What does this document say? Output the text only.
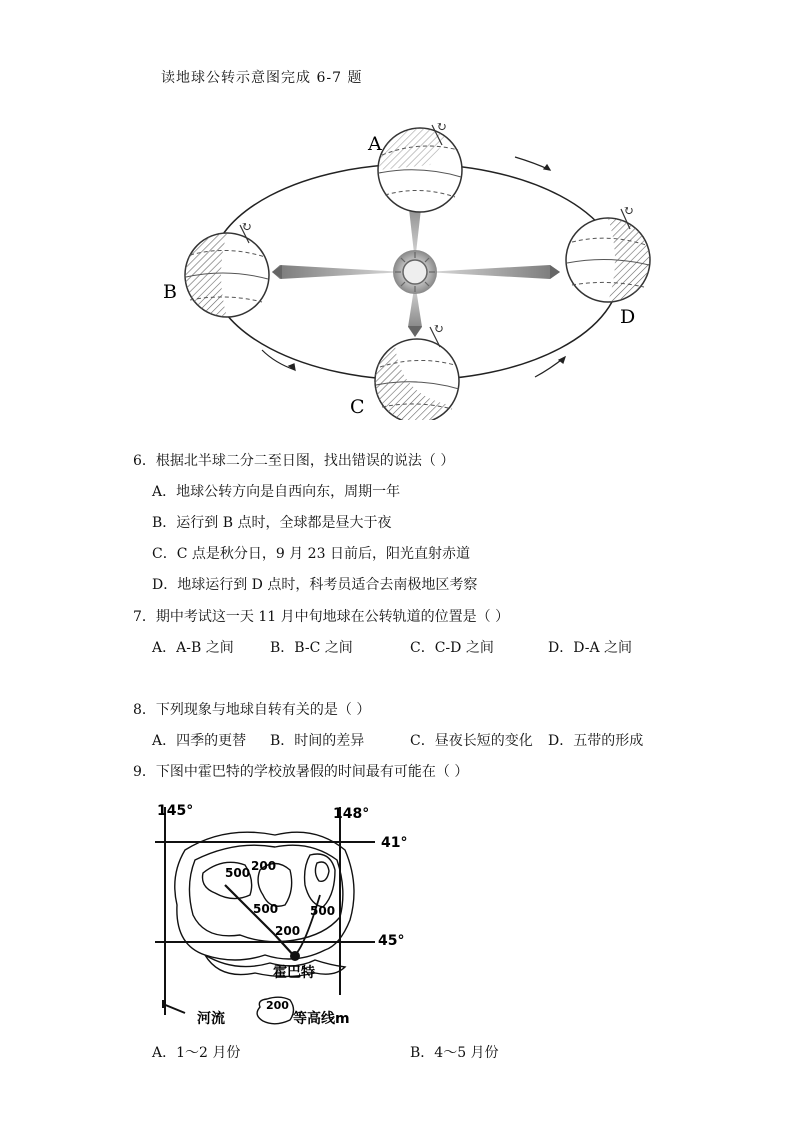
读地球公转示意图完成 6-7 题
↻
↻
↻
↻
A
B
C
D
6．根据北半球二分二至日图，找出错误的说法（ ）
A．地球公转方向是自西向东，周期一年
B．运行到 B 点时，全球都是昼大于夜
C．C 点是秋分日，9 月 23 日前后，阳光直射赤道
D．地球运行到 D 点时，科考员适合去南极地区考察
7．期中考试这一天 11 月中旬地球在公转轨道的位置是（ ）
A．A-B 之间	B．B-C 之间	C．C-D 之间	D．D-A 之间
8．下列现象与地球自转有关的是（ ）
A．四季的更替 B．时间的差异	C．昼夜长短的变化 D．五带的形成
9．下图中霍巴特的学校放暑假的时间最有可能在（ ）
145°	148°
41°
45°
500 200
500	500
200
霍巴特
河流
200
等高线m
A．1～2 月份	B．4～5 月份
